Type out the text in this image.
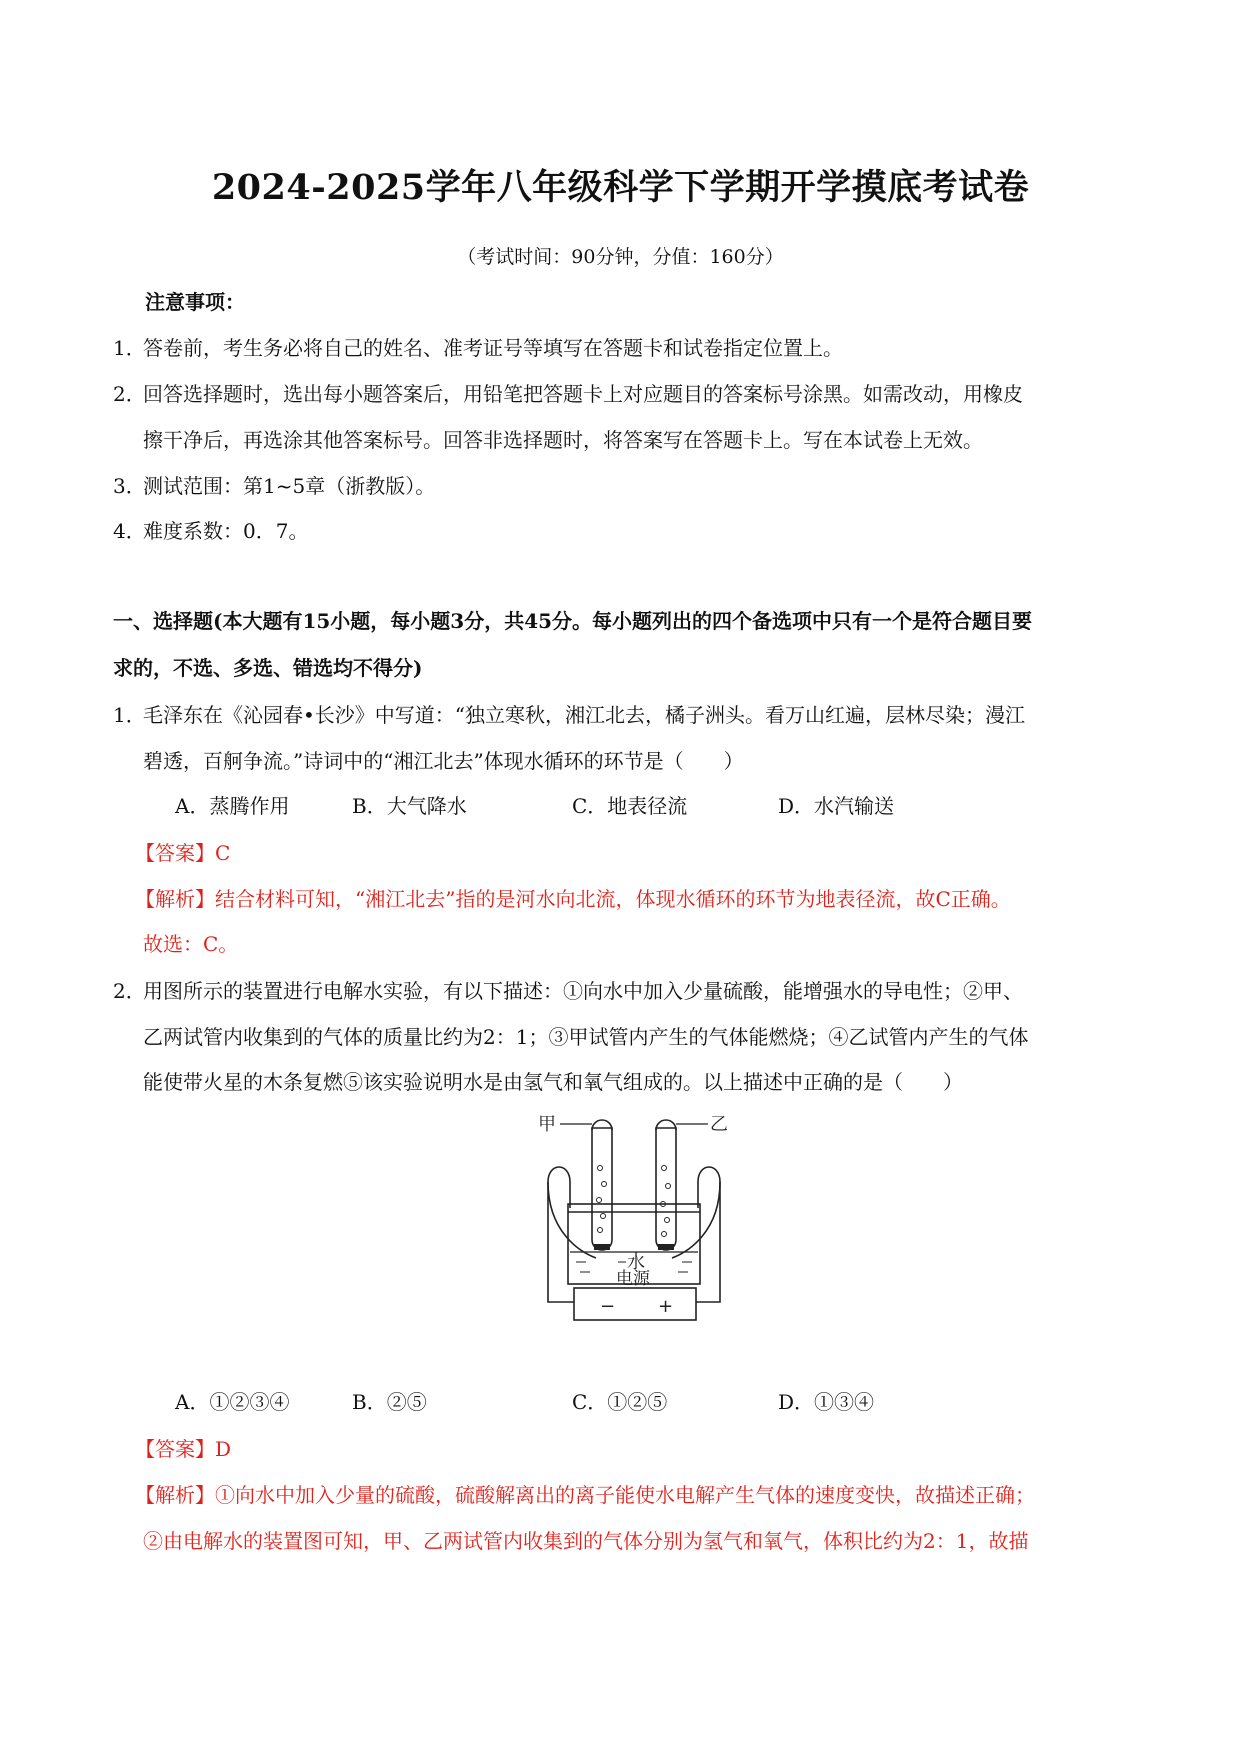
2024-2025学年八年级科学下学期开学摸底考试卷
（考试时间：90分钟，分值：160分）
注意事项：
1．答卷前，考生务必将自己的姓名、准考证号等填写在答题卡和试卷指定位置上。
2．回答选择题时，选出每小题答案后，用铅笔把答题卡上对应题目的答案标号涂黑。如需改动，用橡皮
擦干净后，再选涂其他答案标号。回答非选择题时，将答案写在答题卡上。写在本试卷上无效。
3．测试范围：第1~5章（浙教版）。
4．难度系数：0．7。
一、选择题(本大题有15小题，每小题3分，共45分。每小题列出的四个备选项中只有一个是符合题目要
求的，不选、多选、错选均不得分)
1．毛泽东在《沁园春•长沙》中写道：“独立寒秋，湘江北去，橘子洲头。看万山红遍，层林尽染；漫江
碧透，百舸争流。”诗词中的“湘江北去”体现水循环的环节是（　　）
A．蒸腾作用	B．大气降水	C．地表径流	D．水汽输送
【答案】C
【解析】结合材料可知，“湘江北去”指的是河水向北流，体现水循环的环节为地表径流，故C正确。
故选：C。
2．用图所示的装置进行电解水实验，有以下描述：①向水中加入少量硫酸，能增强水的导电性；②甲、
乙两试管内收集到的气体的质量比约为2：1；③甲试管内产生的气体能燃烧；④乙试管内产生的气体
能使带火星的木条复燃⑤该实验说明水是由氢气和氧气组成的。以上描述中正确的是（　　）
甲	乙
水
电源
− +
A．①②③④	B．②⑤	C．①②⑤	D．①③④
【答案】D
【解析】①向水中加入少量的硫酸，硫酸解离出的离子能使水电解产生气体的速度变快，故描述正确；
②由电解水的装置图可知，甲、乙两试管内收集到的气体分别为氢气和氧气，体积比约为2：1，故描
